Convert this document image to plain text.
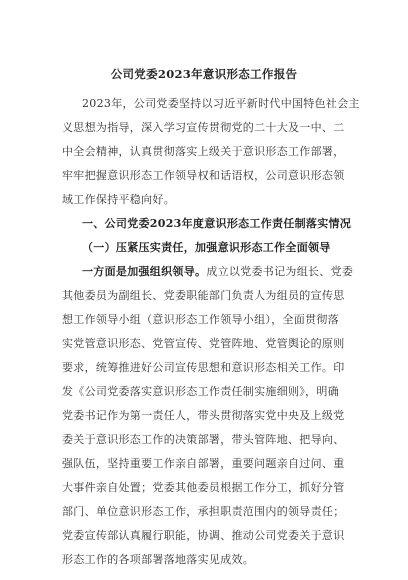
公司党委2023年意识形态工作报告
2023年，公司党委坚持以习近平新时代中国特色社会主
义思想为指导，深入学习宣传贯彻党的二十大及一中、二
中全会精神，认真贯彻落实上级关于意识形态工作部署，
牢牢把握意识形态工作领导权和话语权，公司意识形态领
域工作保持平稳向好。
一、公司党委2023年度意识形态工作责任制落实情况
（一）压紧压实责任，加强意识形态工作全面领导
一方面是加强组织领导。成立以党委书记为组长、党委
其他委员为副组长、党委职能部门负责人为组员的宣传思
想工作领导小组（意识形态工作领导小组），全面贯彻落
实党管意识形态、党管宣传、党管阵地、党管舆论的原则
要求，统筹推进好公司宣传思想和意识形态相关工作。印
发《公司党委落实意识形态工作责任制实施细则》，明确
党委书记作为第一责任人，带头贯彻落实党中央及上级党
委关于意识形态工作的决策部署，带头管阵地、把导向、
强队伍，坚持重要工作亲自部署，重要问题亲自过问、重
大事件亲自处置；党委其他委员根据工作分工，抓好分管
部门、单位意识形态工作，承担职责范围内的领导责任；
党委宣传部认真履行职能，协调、推动公司党委关于意识
形态工作的各项部署落地落实见成效。
